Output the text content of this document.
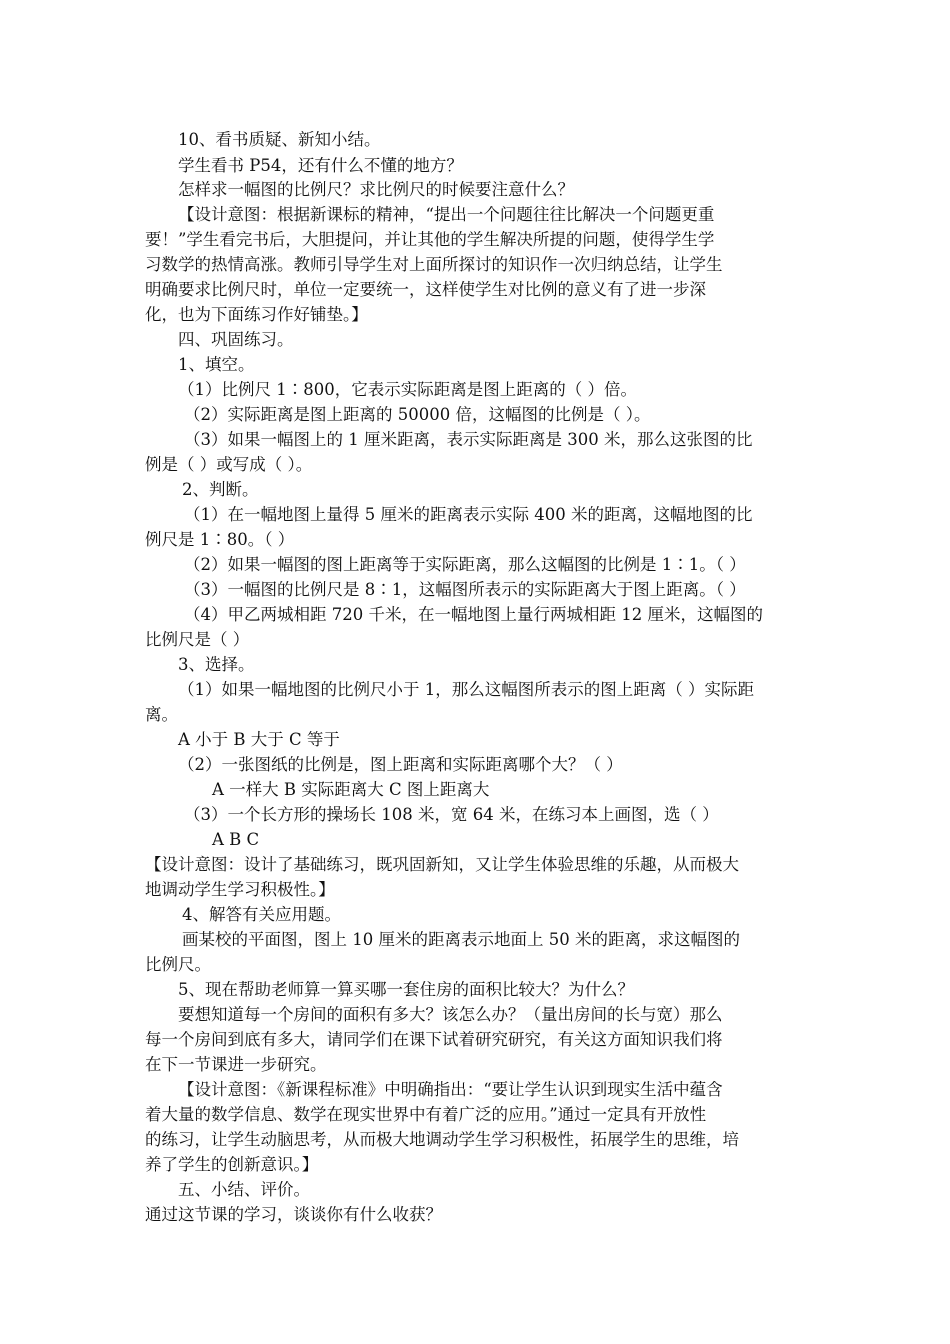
10、看书质疑、新知小结。
学生看书 P54，还有什么不懂的地方？
怎样求一幅图的比例尺？求比例尺的时候要注意什么？
【设计意图：根据新课标的精神，“提出一个问题往往比解决一个问题更重
要！”学生看完书后，大胆提问，并让其他的学生解决所提的问题，使得学生学
习数学的热情高涨。教师引导学生对上面所探讨的知识作一次归纳总结，让学生
明确要求比例尺时，单位一定要统一，这样使学生对比例的意义有了进一步深
化，也为下面练习作好铺垫。】
四、巩固练习。
1、填空。
（1）比例尺 1∶800，它表示实际距离是图上距离的（ ）倍。
（2）实际距离是图上距离的 50000 倍，这幅图的比例是（ ）。
（3）如果一幅图上的 1 厘米距离，表示实际距离是 300 米，那么这张图的比
例是（ ）或写成（ ）。
2、判断。
（1）在一幅地图上量得 5 厘米的距离表示实际 400 米的距离，这幅地图的比
例尺是 1∶80。（ ）
（2）如果一幅图的图上距离等于实际距离，那么这幅图的比例是 1∶1。（ ）
（3）一幅图的比例尺是 8∶1，这幅图所表示的实际距离大于图上距离。（ ）
（4）甲乙两城相距 720 千米，在一幅地图上量行两城相距 12 厘米，这幅图的
比例尺是（ ）
3、选择。
（1）如果一幅地图的比例尺小于 1，那么这幅图所表示的图上距离（ ）实际距
离。
A 小于 B 大于 C 等于
（2）一张图纸的比例是，图上距离和实际距离哪个大？（ ）
A 一样大 B 实际距离大 C 图上距离大
（3）一个长方形的操场长 108 米，宽 64 米，在练习本上画图，选（ ）
A B C
【设计意图：设计了基础练习，既巩固新知，又让学生体验思维的乐趣，从而极大
地调动学生学习积极性。】
4、解答有关应用题。
画某校的平面图，图上 10 厘米的距离表示地面上 50 米的距离，求这幅图的
比例尺。
5、现在帮助老师算一算买哪一套住房的面积比较大？为什么？
要想知道每一个房间的面积有多大？该怎么办？（量出房间的长与宽）那么
每一个房间到底有多大，请同学们在课下试着研究研究，有关这方面知识我们将
在下一节课进一步研究。
【设计意图：《新课程标准》中明确指出：“要让学生认识到现实生活中蕴含
着大量的数学信息、数学在现实世界中有着广泛的应用。”通过一定具有开放性
的练习，让学生动脑思考，从而极大地调动学生学习积极性，拓展学生的思维，培
养了学生的创新意识。】
五、小结、评价。
通过这节课的学习，谈谈你有什么收获？
